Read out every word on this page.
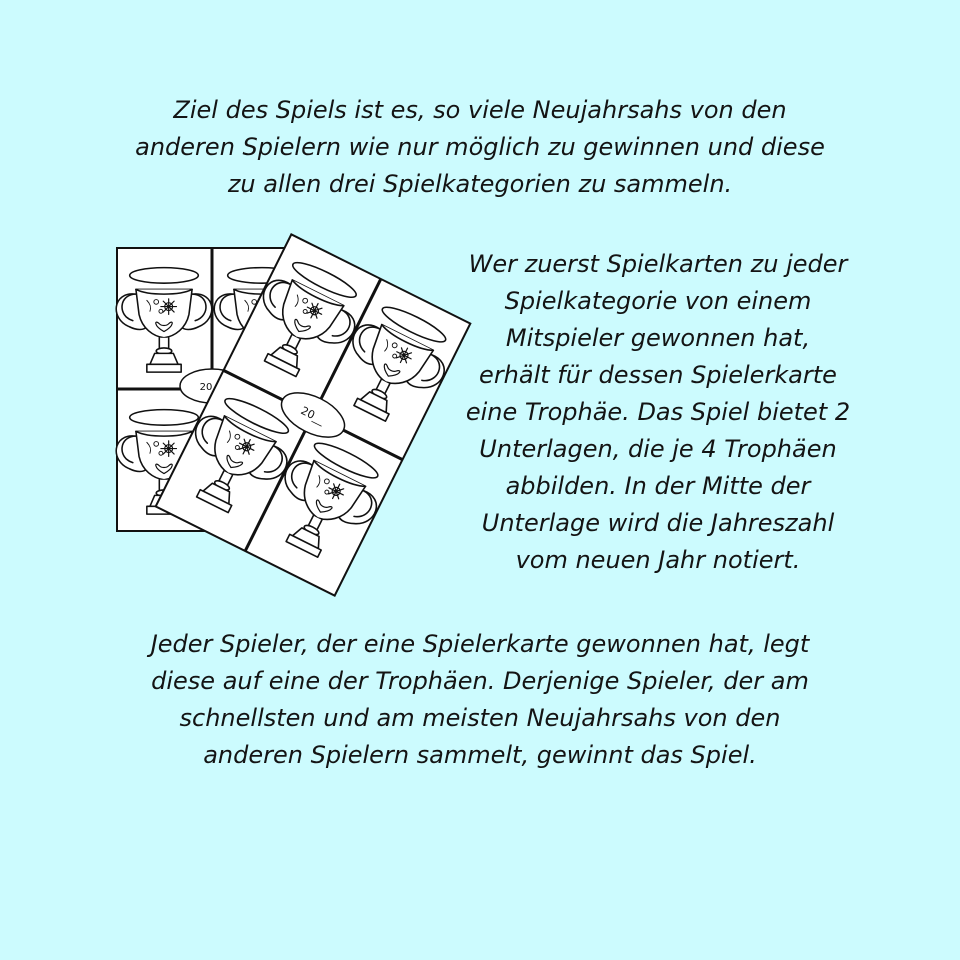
Ziel des Spiels ist es, so viele Neujahrsahs von den
anderen Spielern wie nur möglich zu gewinnen und diese
zu allen drei Spielkategorien zu sammeln.

Wer zuerst Spielkarten zu jeder
Spielkategorie von einem
Mitspieler gewonnen hat,
erhält für dessen Spielerkarte
eine Trophäe. Das Spiel bietet 2
Unterlagen, die je 4 Trophäen
abbilden. In der Mitte der
Unterlage wird die Jahreszahl
vom neuen Jahr notiert.

Jeder Spieler, der eine Spielerkarte gewonnen hat, legt
diese auf eine der Trophäen. Derjenige Spieler, der am
schnellsten und am meisten Neujahrsahs von den
anderen Spielern sammelt, gewinnt das Spiel.

20
20__
